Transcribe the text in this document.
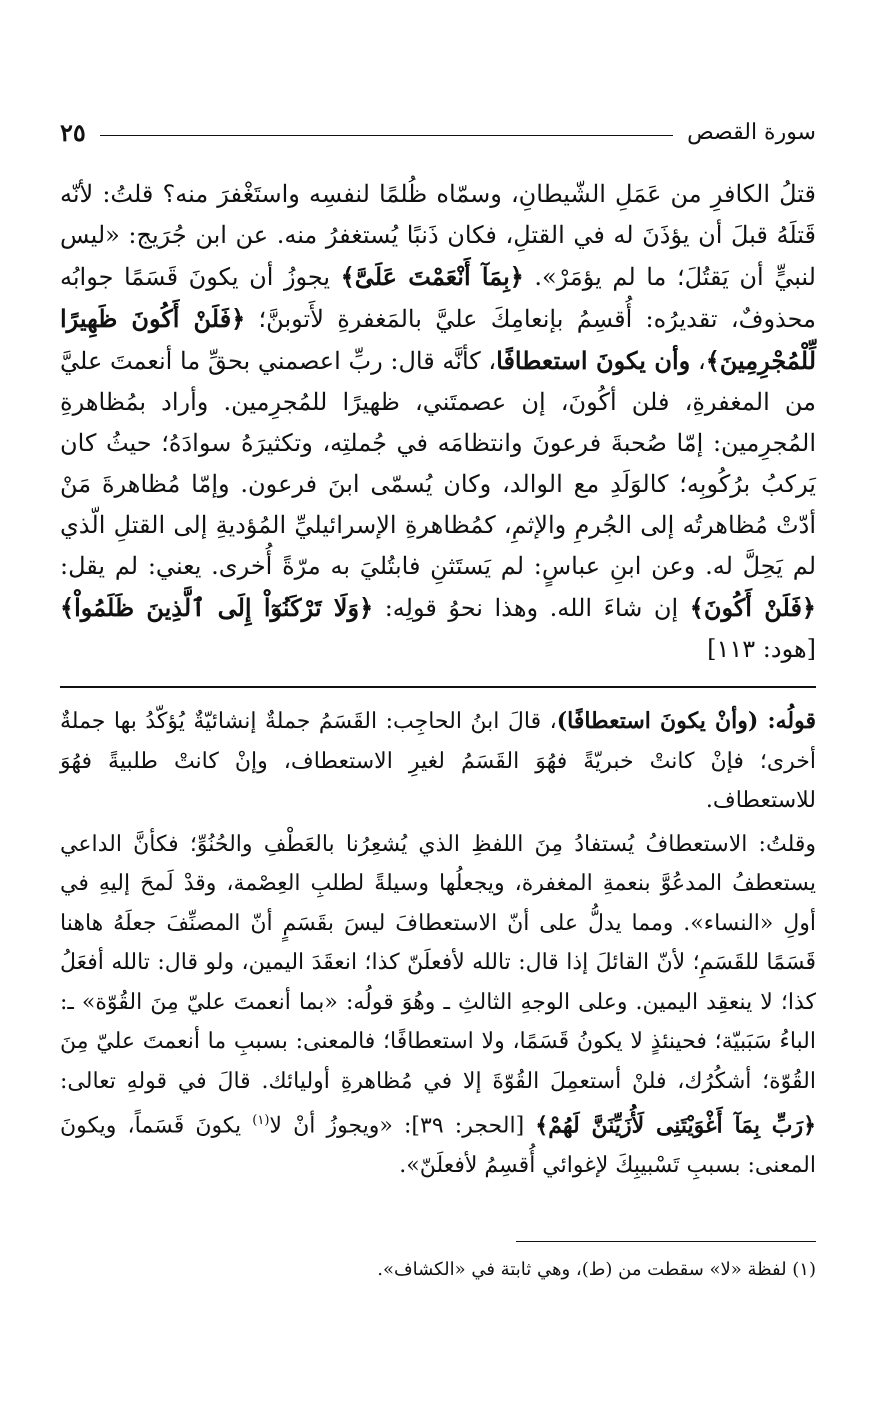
سورة القصص
٢٥

قتلُ الكافرِ من عَمَلِ الشّيطانِ، وسمّاه ظُلمًا لنفسِه واستَغْفرَ منه؟ قلتُ: لأنّه قَتلَهُ قبلَ أن يؤذَنَ له في القتلِ، فكان ذَنبًا يُستغفرُ منه. عن ابن جُرَيج: «ليس لنبيٍّ أن يَقتُلَ؛ ما لم يؤمَرْ». ﴿بِمَآ أَنْعَمْتَ عَلَىَّ﴾ يجوزُ أن يكونَ قَسَمًا جوابُه محذوفٌ، تقديرُه: أُقسِمُ بإنعامِكَ عليَّ بالمَغفرةِ لأَتوبنَّ؛ ﴿فَلَنْ أَكُونَ ظَهِيرًا لِّلْمُجْرِمِينَ﴾، وأن يكونَ استعطافًا، كأنَّه قال: ربِّ اعصمني بحقِّ ما أنعمتَ عليَّ من المغفرةِ، فلن أكُونَ، إن عصمتَني، ظهيرًا للمُجرِمين. وأراد بمُظاهرةِ المُجرِمين: إمّا صُحبةَ فرعونَ وانتظامَه في جُملتِه، وتكثيرَهُ سوادَهُ؛ حيثُ كان يَركبُ برُكُوبِه؛ كالوَلَدِ مع الوالد، وكان يُسمّى ابنَ فرعون. وإمّا مُظاهرةَ مَنْ أدّتْ مُظاهرتُه إلى الجُرمِ والإثمِ، كمُظاهرةِ الإسرائيليِّ المُؤديةِ إلى القتلِ الّذي لم يَحِلَّ له. وعن ابنِ عباسٍ: لم يَستَثنِ فابتُليَ به مرّةً أُخرى. يعني: لم يقل: ﴿فَلَنْ أَكُونَ﴾ إن شاءَ الله. وهذا نحوُ قولِه: ﴿وَلَا تَرْكَنُوٓاْ إِلَى ٱلَّذِينَ ظَلَمُواْ﴾ [هود: ١١٣]

قولُه: (وأنْ يكونَ استعطافًا)، قالَ ابنُ الحاجِب: القَسَمُ جملةٌ إنشائيّةٌ يُؤكّدُ بها جملةٌ أخرى؛ فإنْ كانتْ خبريّةً فهُوَ القَسَمُ لغيرِ الاستعطاف، وإنْ كانتْ طلبيةً فهُوَ للاستعطاف.

وقلتُ: الاستعطافُ يُستفادُ مِنَ اللفظِ الذي يُشعِرُنا بالعَطْفِ والحُنُوِّ؛ فكأنَّ الداعي يستعطفُ المدعُوَّ بنعمةِ المغفرة، ويجعلُها وسيلةً لطلبِ العِصْمة، وقدْ لَمحَ إليهِ في أولِ «النساء». ومما يدلُّ على أنّ الاستعطافَ ليسَ بقَسَمٍ أنّ المصنِّفَ جعلَهُ هاهنا قَسَمًا للقَسَمِ؛ لأنّ القائلَ إذا قال: تالله لأفعلَنّ كذا؛ انعقَدَ اليمين، ولو قال: تالله أفعَلُ كذا؛ لا ينعقِد اليمين. وعلى الوجهِ الثالثِ ـ وهُوَ قولُه: «بما أنعمتَ عليّ مِنَ القُوّة» ـ: الباءُ سَبَبيّة؛ فحينئذٍ لا يكونُ قَسَمًا، ولا استعطافًا؛ فالمعنى: بسببِ ما أنعمتَ عليّ مِنَ القُوّة؛ أشكُرُك، فلنْ أستعمِلَ القُوّةَ إلا في مُظاهرةِ أوليائك. قالَ في قولهِ تعالى: ﴿رَبِّ بِمَآ أَغْوَيْتَنِى لَأُزَيِّنَنَّ لَهُمْ﴾ [الحجر: ٣٩]: «ويجوزُ أنْ لا$^{(١)}$ يكونَ قَسَماً، ويكونَ المعنى: بسببِ تَسْبيبِكَ لإغوائي أُقسِمُ لأفعلَنّ».

(١) لفظة «لا» سقطت من (ط)، وهي ثابتة في «الكشاف».
